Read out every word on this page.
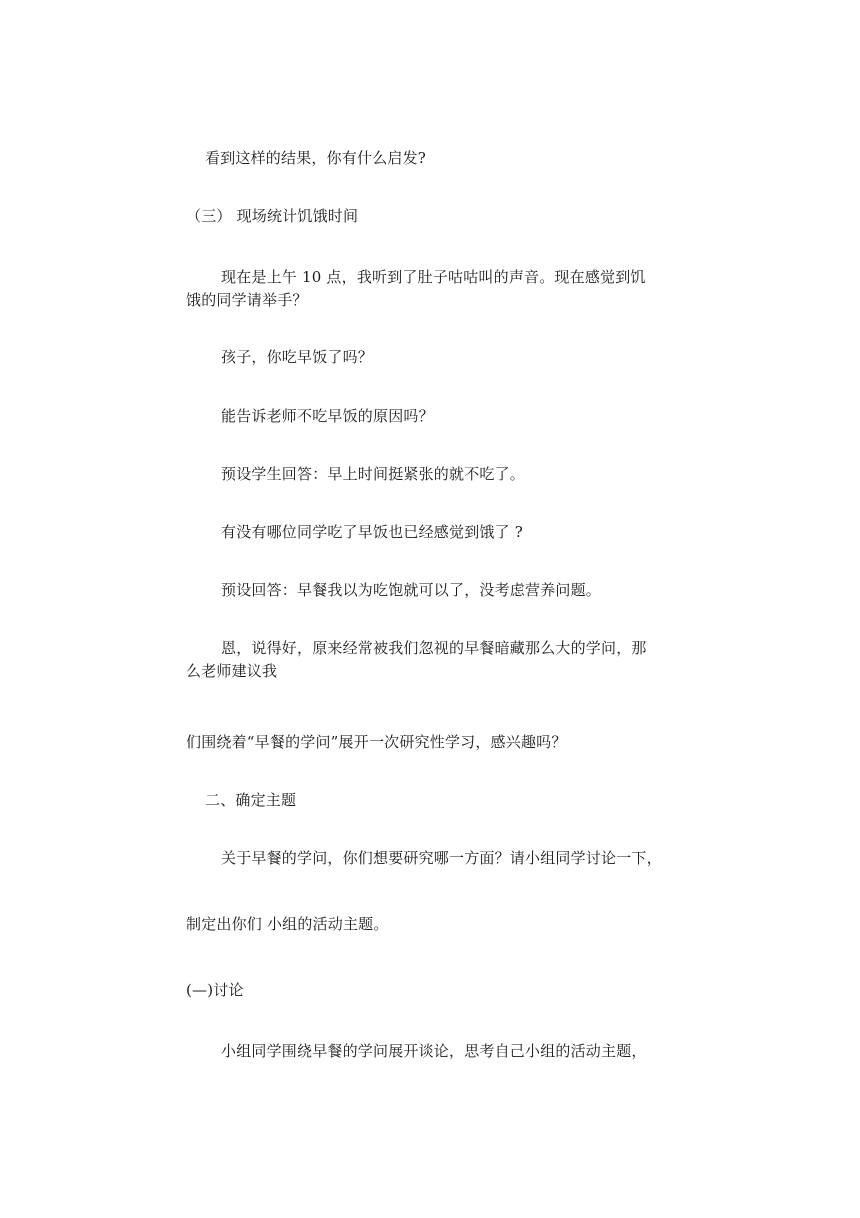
看到这样的结果，你有什么启发?
（三） 现场统计饥饿时间
现在是上午 10 点，我听到了肚子咕咕叫的声音。现在感觉到饥
饿的同学请举手？
孩子，你吃早饭了吗？
能告诉老师不吃早饭的原因吗？
预设学生回答：早上时间挺紧张的就不吃了。
有没有哪位同学吃了早饭也已经感觉到饿了 ?
预设回答：早餐我以为吃饱就可以了，没考虑营养问题。
恩，说得好，原来经常被我们忽视的早餐暗藏那么大的学问，那
么老师建议我
们围绕着“早餐的学问”展开一次研究性学习，感兴趣吗？
二、确定主题
关于早餐的学问，你们想要研究哪一方面？请小组同学讨论一下，
制定出你们 小组的活动主题。
(—)讨论
小组同学围绕早餐的学问展开谈论，思考自己小组的活动主题，
